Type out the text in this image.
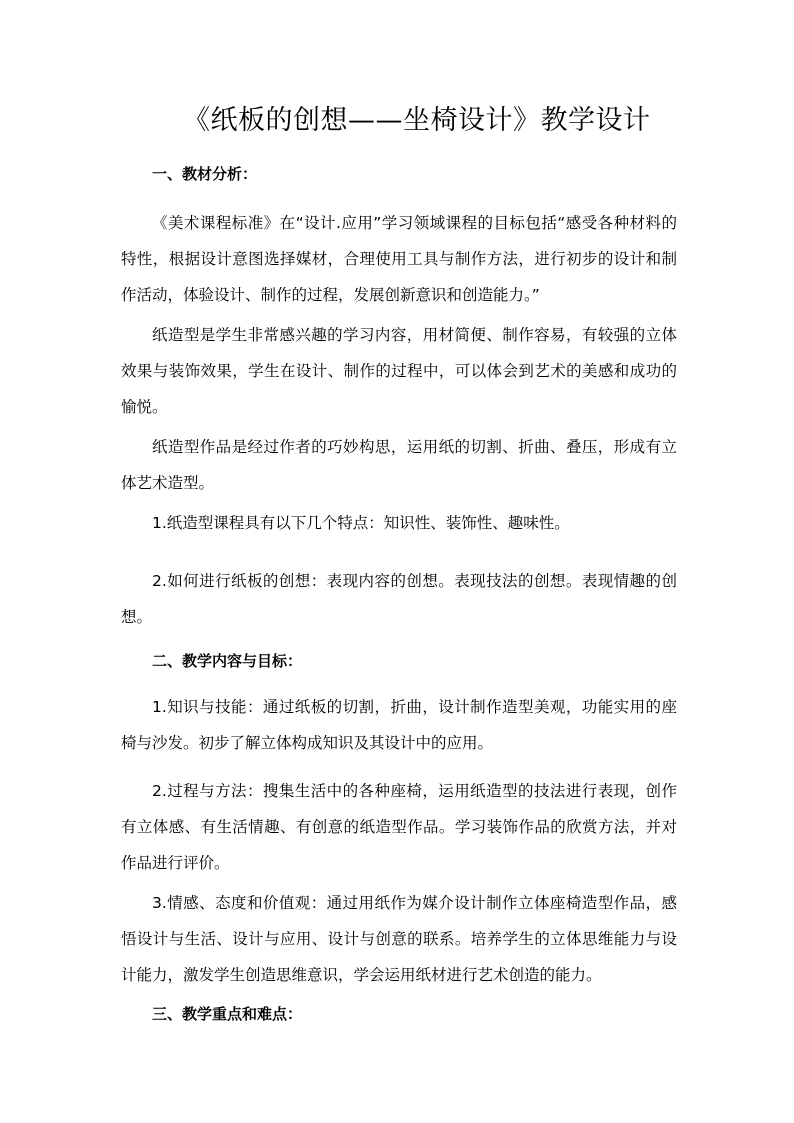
《纸板的创想——坐椅设计》教学设计
一、教材分析：

《美术课程标准》在“设计.应用”学习领域课程的目标包括“感受各种材料的特性，根据设计意图选择媒材，合理使用工具与制作方法，进行初步的设计和制作活动，体验设计、制作的过程，发展创新意识和创造能力。”

纸造型是学生非常感兴趣的学习内容，用材简便、制作容易，有较强的立体效果与装饰效果，学生在设计、制作的过程中，可以体会到艺术的美感和成功的愉悦。

纸造型作品是经过作者的巧妙构思，运用纸的切割、折曲、叠压，形成有立体艺术造型。

1.纸造型课程具有以下几个特点：知识性、装饰性、趣味性。

2.如何进行纸板的创想：表现内容的创想。表现技法的创想。表现情趣的创想。

二、教学内容与目标：

1.知识与技能：通过纸板的切割，折曲，设计制作造型美观，功能实用的座椅与沙发。初步了解立体构成知识及其设计中的应用。

2.过程与方法：搜集生活中的各种座椅，运用纸造型的技法进行表现，创作有立体感、有生活情趣、有创意的纸造型作品。学习装饰作品的欣赏方法，并对作品进行评价。

3.情感、态度和价值观：通过用纸作为媒介设计制作立体座椅造型作品，感悟设计与生活、设计与应用、设计与创意的联系。培养学生的立体思维能力与设计能力，激发学生创造思维意识，学会运用纸材进行艺术创造的能力。

三、教学重点和难点：
